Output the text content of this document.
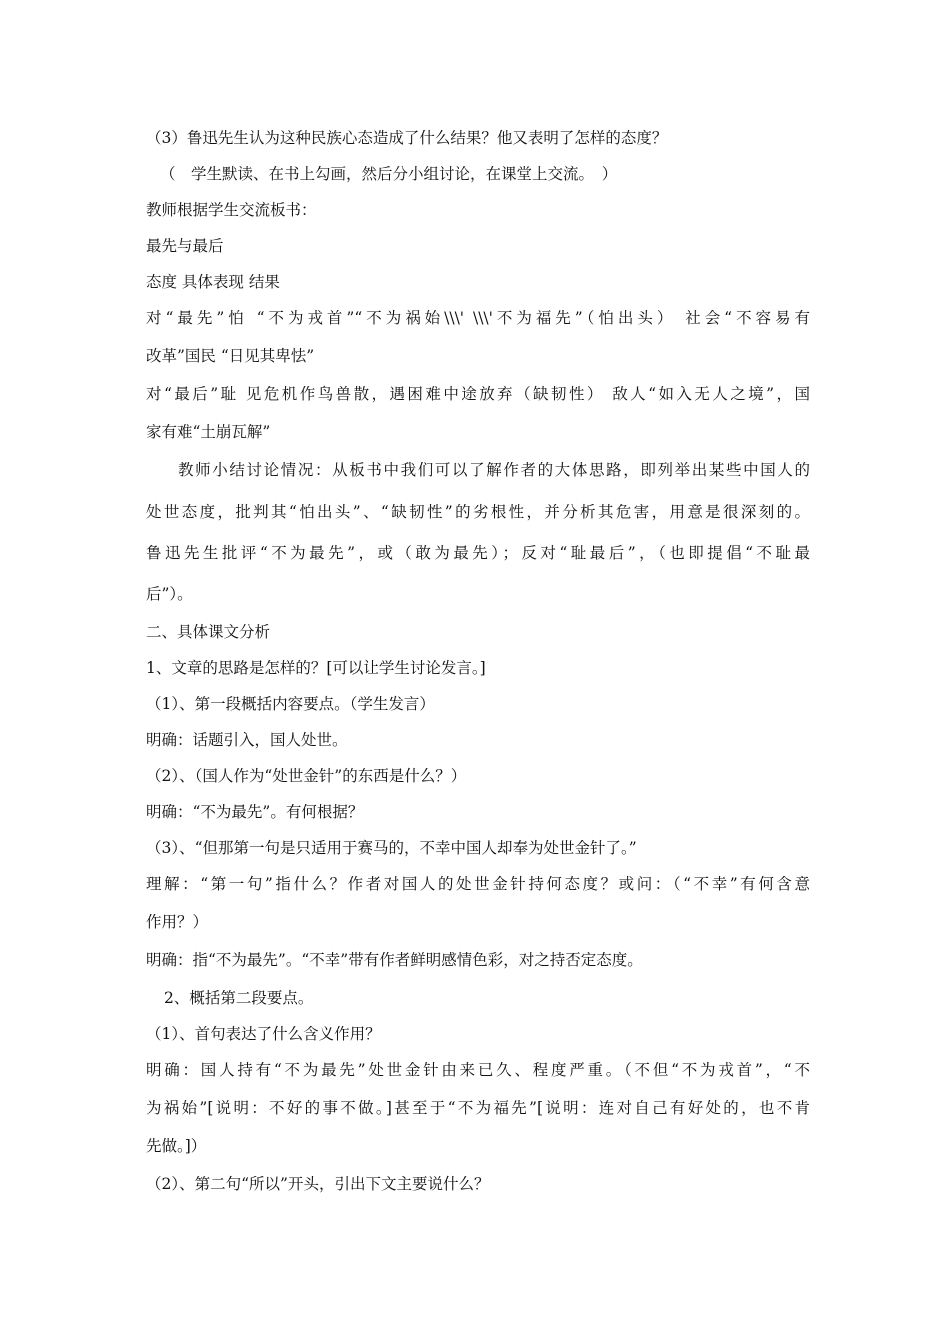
（3）鲁迅先生认为这种民族心态造成了什么结果？他又表明了怎样的态度？
（　学生默读、在书上勾画，然后分小组讨论，在课堂上交流。　）
教师根据学生交流板书：
最先与最后
态度 具体表现 结果
对“最先”怕 “不为戎首”“不为祸始\\\' \\\'不为福先”（怕出头） 社会“不容易有
改革”国民 “日见其卑怯”
对“最后”耻 见危机作鸟兽散，遇困难中途放弃（缺韧性） 敌人“如入无人之境”，国
家有难“土崩瓦解”
教师小结讨论情况：从板书中我们可以了解作者的大体思路，即列举出某些中国人的
处世态度，批判其“怕出头”、“缺韧性”的劣根性，并分析其危害，用意是很深刻的。
鲁迅先生批评“不为最先”，或（敢为最先）；反对“耻最后”，（也即提倡“不耻最
后”）。
二、具体课文分析
1、文章的思路是怎样的？[可以让学生讨论发言。]
（1）、第一段概括内容要点。（学生发言）
明确：话题引入，国人处世。
（2）、（国人作为“处世金针”的东西是什么？）
明确：“不为最先”。有何根据？
（3）、“但那第一句是只适用于赛马的，不幸中国人却奉为处世金针了。”
理解：“第一句”指什么？作者对国人的处世金针持何态度？或问：（“不幸”有何含意
作用？）
明确：指“不为最先”。“不幸”带有作者鲜明感情色彩，对之持否定态度。
2、概括第二段要点。
（1）、首句表达了什么含义作用？
明确：国人持有“不为最先”处世金针由来已久、程度严重。（不但“不为戎首”，“不
为祸始”[说明：不好的事不做。]甚至于“不为福先”[说明：连对自己有好处的，也不肯
先做。]）
（2）、第二句“所以”开头，引出下文主要说什么？
